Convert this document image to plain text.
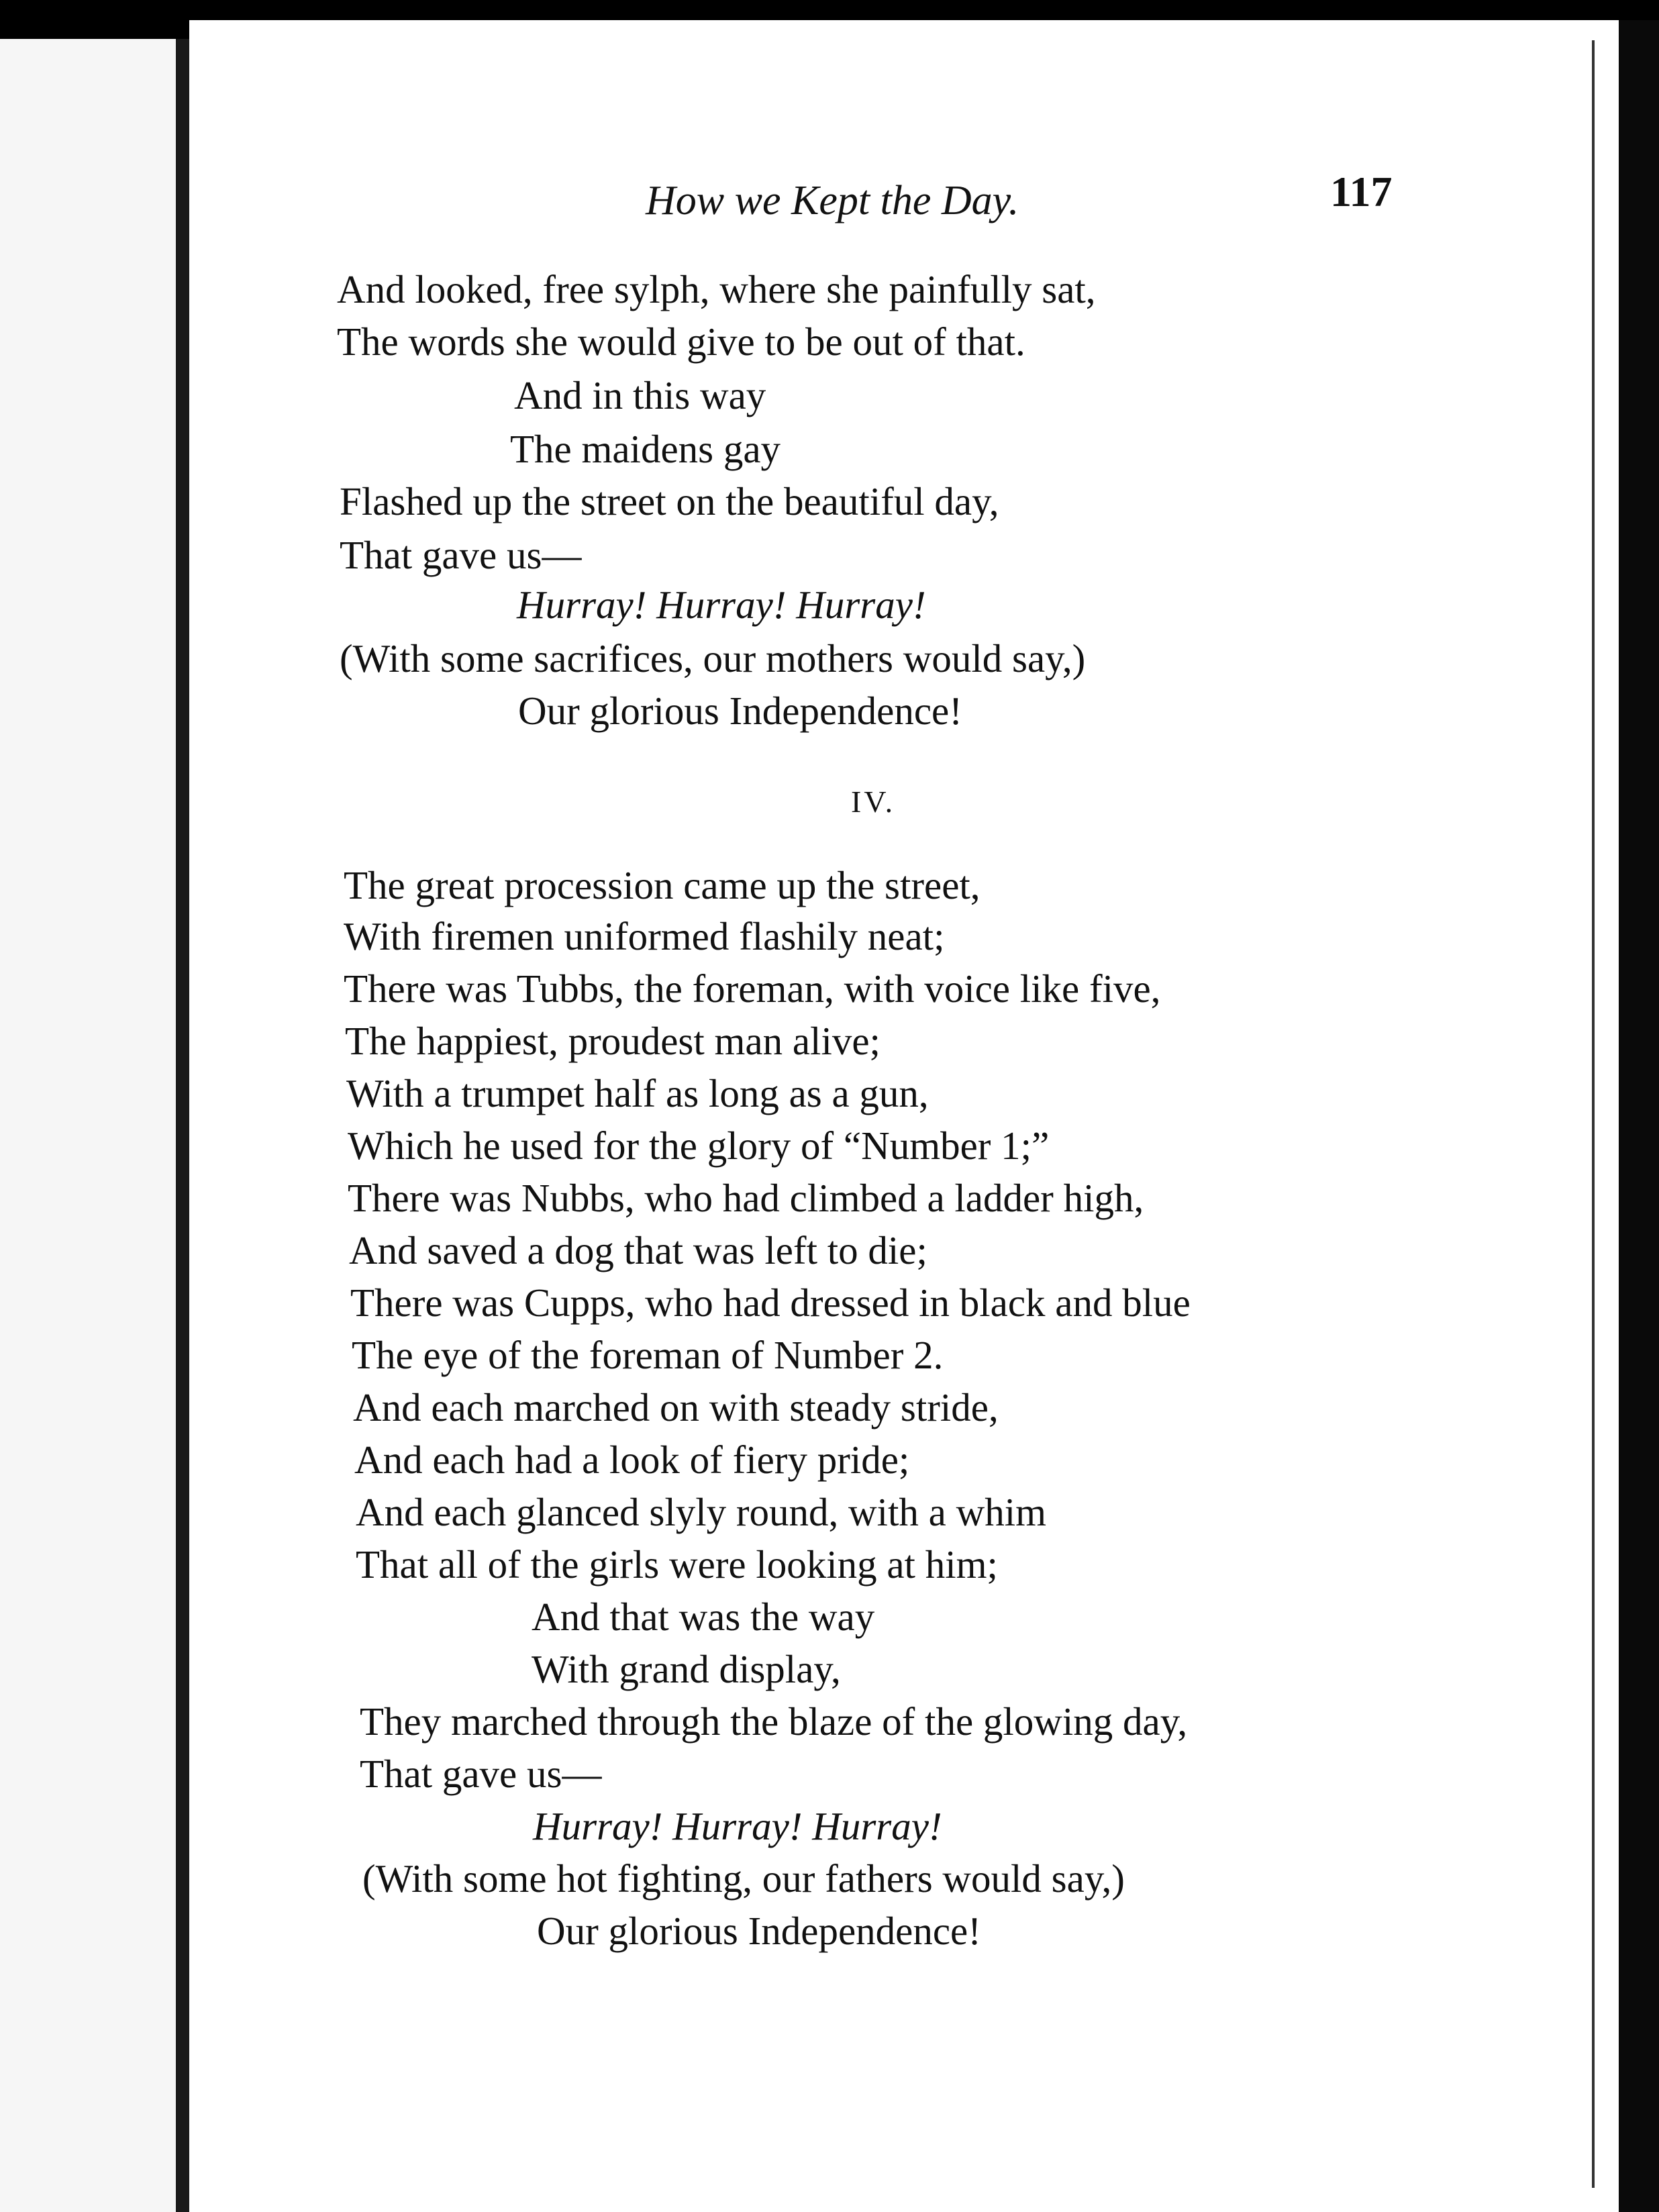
How we Kept the Day.	117
And looked, free sylph, where she painfully sat,
The words she would give to be out of that.
And in this way
The maidens gay
Flashed up the street on the beautiful day,
That gave us—
Hurray! Hurray! Hurray!
(With some sacrifices, our mothers would say,)
Our glorious Independence!
IV.
The great procession came up the street,
With firemen uniformed flashily neat;
There was Tubbs, the foreman, with voice like five,
The happiest, proudest man alive;
With a trumpet half as long as a gun,
Which he used for the glory of “Number 1;”
There was Nubbs, who had climbed a ladder high,
And saved a dog that was left to die;
There was Cupps, who had dressed in black and blue
The eye of the foreman of Number 2.
And each marched on with steady stride,
And each had a look of fiery pride;
And each glanced slyly round, with a whim
That all of the girls were looking at him;
And that was the way
With grand display,
They marched through the blaze of the glowing day,
That gave us—
Hurray! Hurray! Hurray!
(With some hot fighting, our fathers would say,)
Our glorious Independence!
